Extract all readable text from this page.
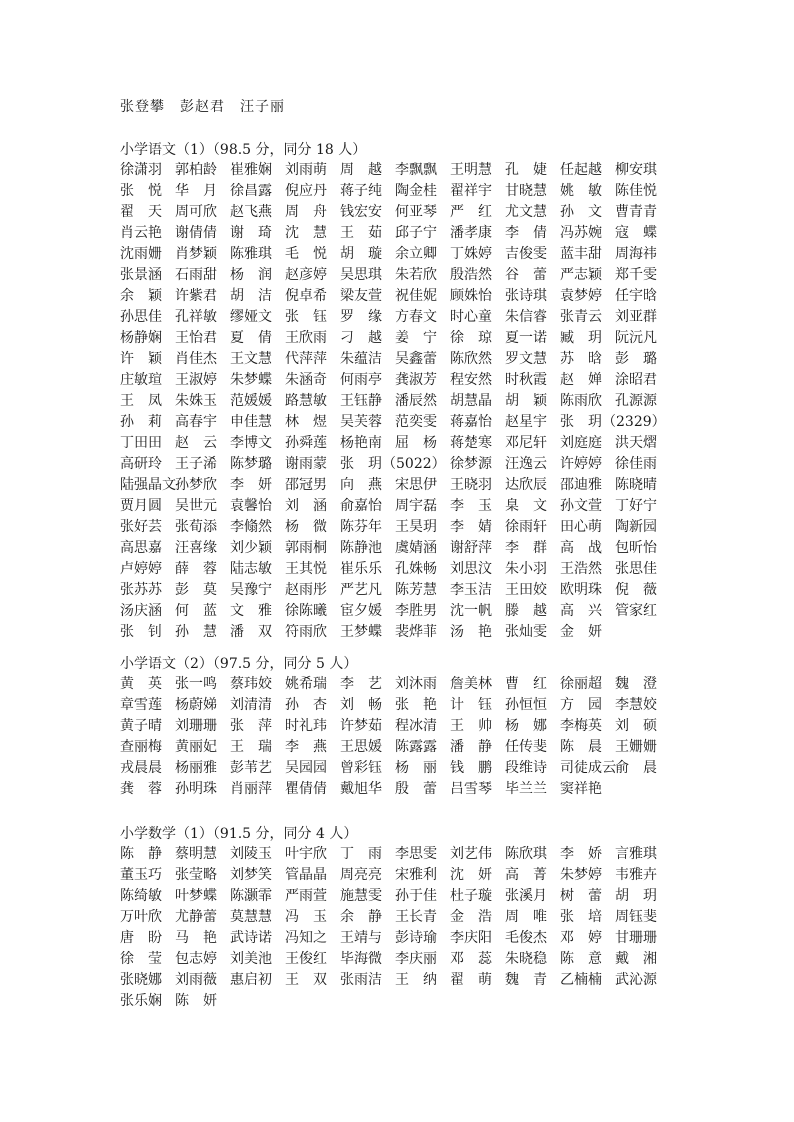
张登攀　彭赵君　汪子丽
小学语文（1）（98.5 分，同分 18 人）
徐潇羽 郭柏龄 崔雅娴 刘雨萌 周　越 李飘飘 王明慧 孔　婕 任起越 柳安琪
张　悦 华　月 徐昌露 倪应丹 蒋子纯 陶金桂 翟祥宇 甘晓慧 姚　敏 陈佳悦
翟　天 周可欣 赵飞燕 周　舟 钱宏安 何亚琴 严　红 尤文慧 孙　文 曹青青
肖云艳 谢倩倩 谢　琦 沈　慧 王　茹 邱子宁 潘孝康 李　倩 冯苏婉 寇　蝶
沈雨姗 肖梦颖 陈雅琪 毛　悦 胡　璇 余立卿 丁姝婷 吉俊雯 蓝丰甜 周海祎
张景涵 石雨甜 杨　润 赵彦婷 吴思琪 朱若欣 殷浩然 谷　蕾 严志颖 郑千雯
余　颖 许紫君 胡　洁 倪卓希 梁友萱 祝佳妮 顾姝怡 张诗琪 袁梦婷 任宇晗
孙思佳 孔祥敏 缪娅文 张　钰 罗　缘 方春文 时心童 朱信睿 张青云 刘亚群
杨静娴 王怡君 夏　倩 王欣雨 刁　越 姜　宁 徐　琼 夏一诺 臧　玥 阮沅凡
许　颖 肖佳杰 王文慧 代萍萍 朱蕴洁 吴鑫蕾 陈欣然 罗文慧 苏　晗 彭　璐
庄敏瑄 王淑婷 朱梦蝶 朱涵奇 何雨亭 龚淑芳 程安然 时秋霞 赵　婵 涂昭君
王　凤 朱姝玉 范媛媛 路慧敏 王钰静 潘辰然 胡慧晶 胡　颖 陈雨欣 孔源源
孙　莉 高春宇 申佳慧 林　煜 吴芙蓉 范奕雯 蒋嘉怡 赵星宇 张　玥（2329）
丁田田 赵　云 李博文 孙舜莲 杨艳南 屈　杨 蒋楚寒 邓尼轩 刘庭庭 洪天熠
高研玲 王子浠 陈梦璐 谢雨蒙 张　玥（5022） 徐梦源 汪逸云 许婷婷 徐佳雨
陆强晶文 孙梦欣 李　妍 邵冠男 向　燕 宋思伊 王晓羽 达欣辰 邵迪雅 陈晓晴
贾月圆 吴世元 袁馨怡 刘　涵 俞嘉怡 周宇磊 李　玉 臬　文 孙文萱 丁好宁
张好芸 张荀添 李翛然 杨　微 陈芬年 王昊玥 李　婧 徐雨轩 田心萌 陶新园
高思嘉 汪喜缘 刘少颖 郭雨桐 陈静池 虞婧涵 谢舒萍 李　群 高　战 包昕怡
卢婷婷 薛　蓉 陆志敏 王其悦 崔乐乐 孔姝畅 刘思汶 朱小羽 王浩然 张思佳
张苏苏 彭　莫 吴豫宁 赵雨彤 严艺凡 陈芳慧 李玉洁 王田姣 欧明珠 倪　薇
汤庆涵 何　蓝 文　雅 徐陈曦 宦夕媛 李胜男 沈一帆 滕　越 高　兴 管家红
张　钊 孙　慧 潘　双 符雨欣 王梦蝶 裴烨菲 汤　艳 张灿雯 金　妍
小学语文（2）（97.5 分，同分 5 人）
黄　英 张一鸣 蔡玮姣 姚希瑞 李　艺 刘沐雨 詹美林 曹　红 徐丽超 魏　澄
章雪莲 杨蔚娣 刘清清 孙　杏 刘　畅 张　艳 计　钰 孙恒恒 方　园 李慧姣
黄子晴 刘珊珊 张　萍 时礼玮 许梦茹 程冰清 王　帅 杨　娜 李梅英 刘　硕
查丽梅 黄丽妃 王　瑞 李　燕 王思媛 陈露露 潘　静 任传斐 陈　晨 王姗姗
戎晨晨 杨丽雅 彭苇艺 吴园园 曾彩钰 杨　丽 钱　鹏 段维诗 司徒成云 俞　晨
龚　蓉 孙明珠 肖丽萍 瞿倩倩 戴旭华 殷　蕾 吕雪琴 毕兰兰 窦祥艳
小学数学（1）（91.5 分，同分 4 人）
陈　静 蔡明慧 刘陵玉 叶宇欣 丁　雨 李思雯 刘艺伟 陈欣琪 李　娇 言雅琪
董玉巧 张莹略 刘梦笑 管晶晶 周亮亮 宋雅利 沈　妍 高　菁 朱梦婷 韦雅卉
陈绮敏 叶梦蝶 陈灏霏 严雨萱 施慧雯 孙于佳 杜子璇 张溪月 树　蕾 胡　玥
万叶欣 尤静蕾 莫慧慧 冯　玉 余　静 王长青 金　浩 周　唯 张　培 周钰斐
唐　盼 马　艳 武诗诺 冯知之 王靖与 彭诗瑜 李庆阳 毛俊杰 邓　婷 甘珊珊
徐　莹 包志婷 刘美池 王俊红 毕海微 李庆丽 邓　蕊 朱晓稳 陈　意 戴　湘
张晓娜 刘雨薇 惠启初 王　双 张雨洁 王　纳 翟　萌 魏　青 乙楠楠 武沁源
张乐娴 陈　妍
